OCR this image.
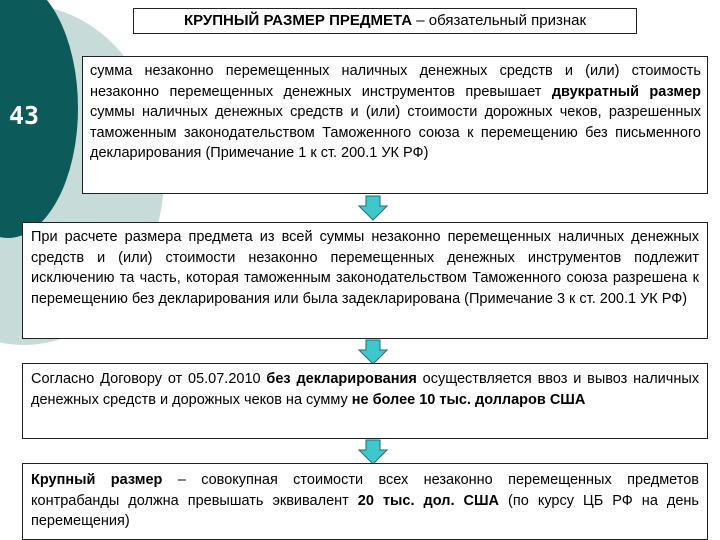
43
КРУПНЫЙ РАЗМЕР ПРЕДМЕТА – обязательный признак
сумма незаконно перемещенных наличных денежных средств и (или) стоимость незаконно перемещенных денежных инструментов превышает двукратный размер суммы наличных денежных средств и (или) стоимости дорожных чеков, разрешенных таможенным законодательством Таможенного союза к перемещению без письменного декларирования (Примечание 1 к ст. 200.1 УК РФ)
При расчете размера предмета из всей суммы незаконно перемещенных наличных денежных средств и (или) стоимости незаконно перемещенных денежных инструментов подлежит исключению та часть, которая таможенным законодательством Таможенного союза разрешена к перемещению без декларирования или была задекларирована (Примечание 3 к ст. 200.1 УК РФ)
Согласно Договору от 05.07.2010 без декларирования осуществляется ввоз и вывоз наличных денежных средств и дорожных чеков на сумму не более 10 тыс. долларов США
Крупный размер – совокупная стоимости всех незаконно перемещенных предметов контрабанды должна превышать эквивалент 20 тыс. дол. США (по курсу ЦБ РФ на день перемещения)
